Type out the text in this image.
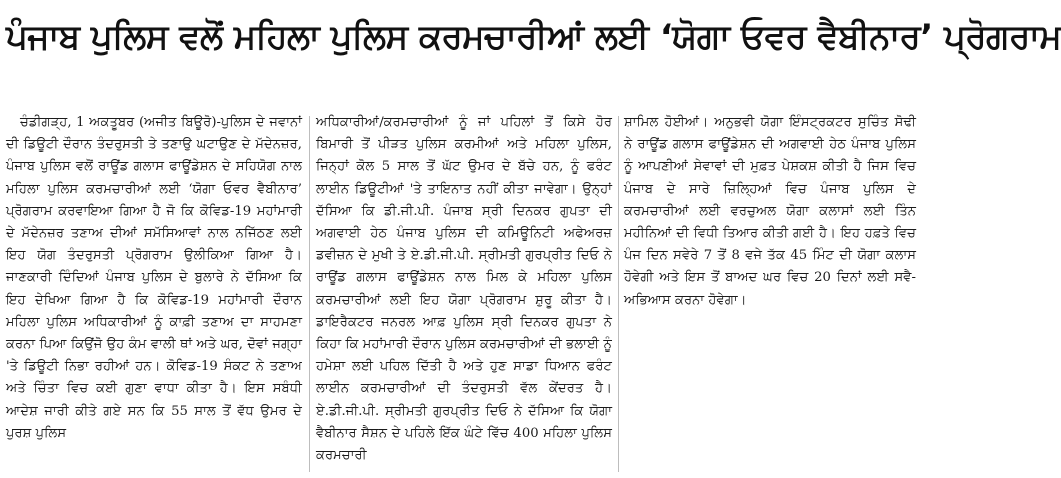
ਪੰਜਾਬ ਪੁਲਿਸ ਵਲੋਂ ਮਹਿਲਾ ਪੁਲਿਸ ਕਰਮਚਾਰੀਆਂ ਲਈ ‘ਯੋਗਾ ਓਵਰ ਵੈਬੀਨਾਰ’ ਪ੍ਰੋਗਰਾਮ

ਚੰਡੀਗੜ੍ਹ, 1 ਅਕਤੂਬਰ (ਅਜੀਤ ਬਿਊਰੋ)-ਪੁਲਿਸ ਦੇ ਜਵਾਨਾਂ ਦੀ ਡਿਊਟੀ ਦੌਰਾਨ ਤੰਦਰੁਸਤੀ ਤੇ ਤਣਾਉ ਘਟਾਉਣ ਦੇ ਮੱਦੇਨਜ਼ਰ, ਪੰਜਾਬ ਪੁਲਿਸ ਵਲੋਂ ਰਾਊਂਡ ਗਲਾਸ ਫਾਊਂਡੇਸ਼ਨ ਦੇ ਸਹਿਯੋਗ ਨਾਲ ਮਹਿਲਾ ਪੁਲਿਸ ਕਰਮਚਾਰੀਆਂ ਲਈ ‘ਯੋਗਾ ਓਵਰ ਵੈਬੀਨਾਰ’ ਪ੍ਰੋਗਰਾਮ ਕਰਵਾਇਆ ਗਿਆ ਹੈ ਜੋ ਕਿ ਕੋਵਿਡ-19 ਮਹਾਂਮਾਰੀ ਦੇ ਮੱਦੇਨਜ਼ਰ ਤਣਾਅ ਦੀਆਂ ਸਮੱਸਿਆਵਾਂ ਨਾਲ ਨਜਿੱਠਣ ਲਈ ਇਹ ਯੋਗ ਤੰਦਰੁਸਤੀ ਪ੍ਰੋਗਰਾਮ ਉਲੀਕਿਆ ਗਿਆ ਹੈ। ਜਾਣਕਾਰੀ ਦਿੰਦਿਆਂ ਪੰਜਾਬ ਪੁਲਿਸ ਦੇ ਬੁਲਾਰੇ ਨੇ ਦੱਸਿਆ ਕਿ ਇਹ ਦੇਖਿਆ ਗਿਆ ਹੈ ਕਿ ਕੋਵਿਡ-19 ਮਹਾਂਮਾਰੀ ਦੌਰਾਨ ਮਹਿਲਾ ਪੁਲਿਸ ਅਧਿਕਾਰੀਆਂ ਨੂੰ ਕਾਫ਼ੀ ਤਣਾਅ ਦਾ ਸਾਹਮਣਾ ਕਰਨਾ ਪਿਆ ਕਿਉਂਜੋ ਉਹ ਕੰਮ ਵਾਲੀ ਥਾਂ ਅਤੇ ਘਰ, ਦੋਵਾਂ ਜਗ੍ਹਾ 'ਤੇ ਡਿਊਟੀ ਨਿਭਾ ਰਹੀਆਂ ਹਨ। ਕੋਵਿਡ-19 ਸੰਕਟ ਨੇ ਤਣਾਅ ਅਤੇ ਚਿੰਤਾ ਵਿਚ ਕਈ ਗੁਣਾ ਵਾਧਾ ਕੀਤਾ ਹੈ। ਇਸ ਸਬੰਧੀ ਆਦੇਸ਼ ਜਾਰੀ ਕੀਤੇ ਗਏ ਸਨ ਕਿ 55 ਸਾਲ ਤੋਂ ਵੱਧ ਉਮਰ ਦੇ ਪੁਰਸ਼ ਪੁਲਿਸ

ਅਧਿਕਾਰੀਆਂ/ਕਰਮਚਾਰੀਆਂ ਨੂੰ ਜਾਂ ਪਹਿਲਾਂ ਤੋਂ ਕਿਸੇ ਹੋਰ ਬਿਮਾਰੀ ਤੋਂ ਪੀੜਤ ਪੁਲਿਸ ਕਰਮੀਆਂ ਅਤੇ ਮਹਿਲਾ ਪੁਲਿਸ, ਜਿਨ੍ਹਾਂ ਕੋਲ 5 ਸਾਲ ਤੋਂ ਘੱਟ ਉਮਰ ਦੇ ਬੱਚੇ ਹਨ, ਨੂੰ ਫਰੰਟ ਲਾਈਨ ਡਿਊਟੀਆਂ 'ਤੇ ਤਾਇਨਾਤ ਨਹੀਂ ਕੀਤਾ ਜਾਵੇਗਾ। ਉਨ੍ਹਾਂ ਦੱਸਿਆ ਕਿ ਡੀ.ਜੀ.ਪੀ. ਪੰਜਾਬ ਸ੍ਰੀ ਦਿਨਕਰ ਗੁਪਤਾ ਦੀ ਅਗਵਾਈ ਹੇਠ ਪੰਜਾਬ ਪੁਲਿਸ ਦੀ ਕਮਿਊਨਿਟੀ ਅਫੇਅਰਜ਼ ਡਵੀਜ਼ਨ ਦੇ ਮੁਖੀ ਤੇ ਏ.ਡੀ.ਜੀ.ਪੀ. ਸ੍ਰੀਮਤੀ ਗੁਰਪ੍ਰੀਤ ਦਿਓ ਨੇ ਰਾਊਂਡ ਗਲਾਸ ਫਾਊਂਡੇਸ਼ਨ ਨਾਲ ਮਿਲ ਕੇ ਮਹਿਲਾ ਪੁਲਿਸ ਕਰਮਚਾਰੀਆਂ ਲਈ ਇਹ ਯੋਗਾ ਪ੍ਰੋਗਰਾਮ ਸ਼ੁਰੂ ਕੀਤਾ ਹੈ। ਡਾਇਰੈਕਟਰ ਜਨਰਲ ਆਫ਼ ਪੁਲਿਸ ਸ੍ਰੀ ਦਿਨਕਰ ਗੁਪਤਾ ਨੇ ਕਿਹਾ ਕਿ ਮਹਾਂਮਾਰੀ ਦੌਰਾਨ ਪੁਲਿਸ ਕਰਮਚਾਰੀਆਂ ਦੀ ਭਲਾਈ ਨੂੰ ਹਮੇਸ਼ਾ ਲਈ ਪਹਿਲ ਦਿੱਤੀ ਹੈ ਅਤੇ ਹੁਣ ਸਾਡਾ ਧਿਆਨ ਫਰੰਟ ਲਾਈਨ ਕਰਮਚਾਰੀਆਂ ਦੀ ਤੰਦਰੁਸਤੀ ਵੱਲ ਕੇਂਦਰਤ ਹੈ। ਏ.ਡੀ.ਜੀ.ਪੀ. ਸ੍ਰੀਮਤੀ ਗੁਰਪ੍ਰੀਤ ਦਿਓ ਨੇ ਦੱਸਿਆ ਕਿ ਯੋਗਾ ਵੈਬੀਨਾਰ ਸੈਸ਼ਨ ਦੇ ਪਹਿਲੇ ਇੱਕ ਘੰਟੇ ਵਿੱਚ 400 ਮਹਿਲਾ ਪੁਲਿਸ ਕਰਮਚਾਰੀ

ਸ਼ਾਮਿਲ ਹੋਈਆਂ। ਅਨੁਭਵੀ ਯੋਗਾ ਇੰਸਟ੍ਰਕਟਰ ਸੁਚਿੰਤ ਸੋਢੀ ਨੇ ਰਾਊਂਡ ਗਲਾਸ ਫਾਊਂਡੇਸ਼ਨ ਦੀ ਅਗਵਾਈ ਹੇਠ ਪੰਜਾਬ ਪੁਲਿਸ ਨੂੰ ਆਪਣੀਆਂ ਸੇਵਾਵਾਂ ਦੀ ਮੁਫ਼ਤ ਪੇਸ਼ਕਸ਼ ਕੀਤੀ ਹੈ ਜਿਸ ਵਿਚ ਪੰਜਾਬ ਦੇ ਸਾਰੇ ਜ਼ਿਲ੍ਹਿਆਂ ਵਿਚ ਪੰਜਾਬ ਪੁਲਿਸ ਦੇ ਕਰਮਚਾਰੀਆਂ ਲਈ ਵਰਚੁਅਲ ਯੋਗਾ ਕਲਾਸਾਂ ਲਈ ਤਿੰਨ ਮਹੀਨਿਆਂ ਦੀ ਵਿਧੀ ਤਿਆਰ ਕੀਤੀ ਗਈ ਹੈ। ਇਹ ਹਫ਼ਤੇ ਵਿਚ ਪੰਜ ਦਿਨ ਸਵੇਰੇ 7 ਤੋਂ 8 ਵਜੇ ਤੱਕ 45 ਮਿੰਟ ਦੀ ਯੋਗਾ ਕਲਾਸ ਹੋਵੇਗੀ ਅਤੇ ਇਸ ਤੋਂ ਬਾਅਦ ਘਰ ਵਿਚ 20 ਦਿਨਾਂ ਲਈ ਸਵੈ-ਅਭਿਆਸ ਕਰਨਾ ਹੋਵੇਗਾ।
